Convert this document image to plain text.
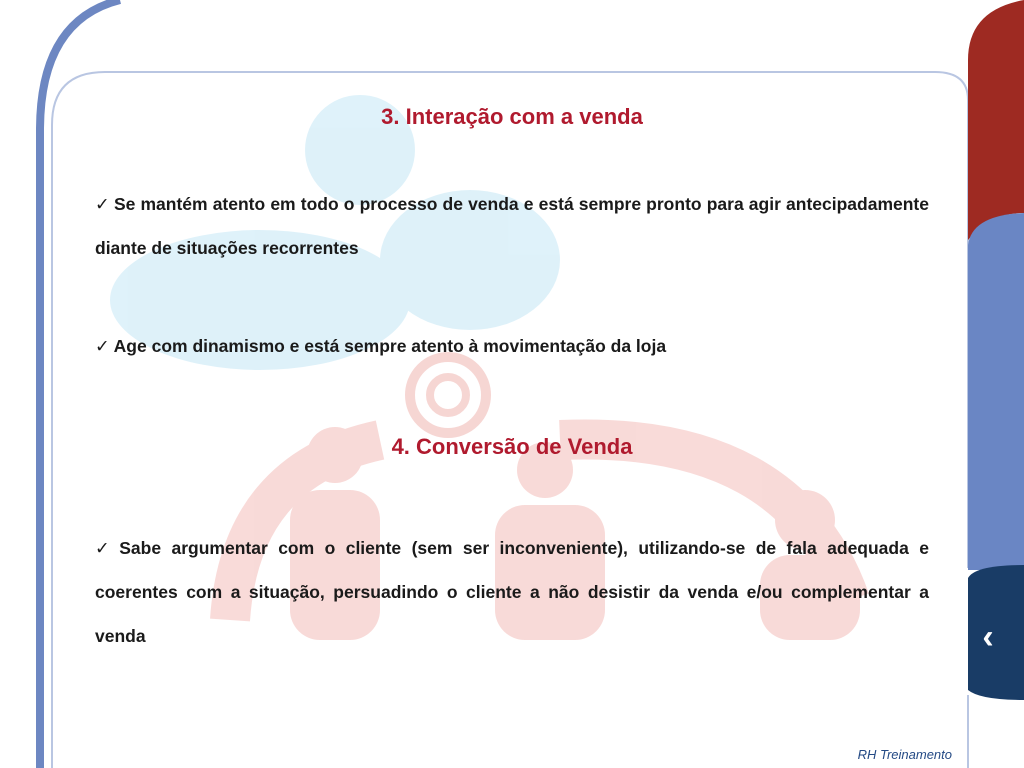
3. Interação com a venda
✓ Se mantém atento em todo o processo de venda e está sempre pronto para agir antecipadamente diante de situações recorrentes
✓ Age com dinamismo e está sempre atento à movimentação da loja
4. Conversão de Venda
✓ Sabe argumentar com o cliente (sem ser inconveniente), utilizando-se de fala adequada e coerentes com a situação, persuadindo o cliente a não desistir da venda e/ou complementar a venda	‹
RH Treinamento
